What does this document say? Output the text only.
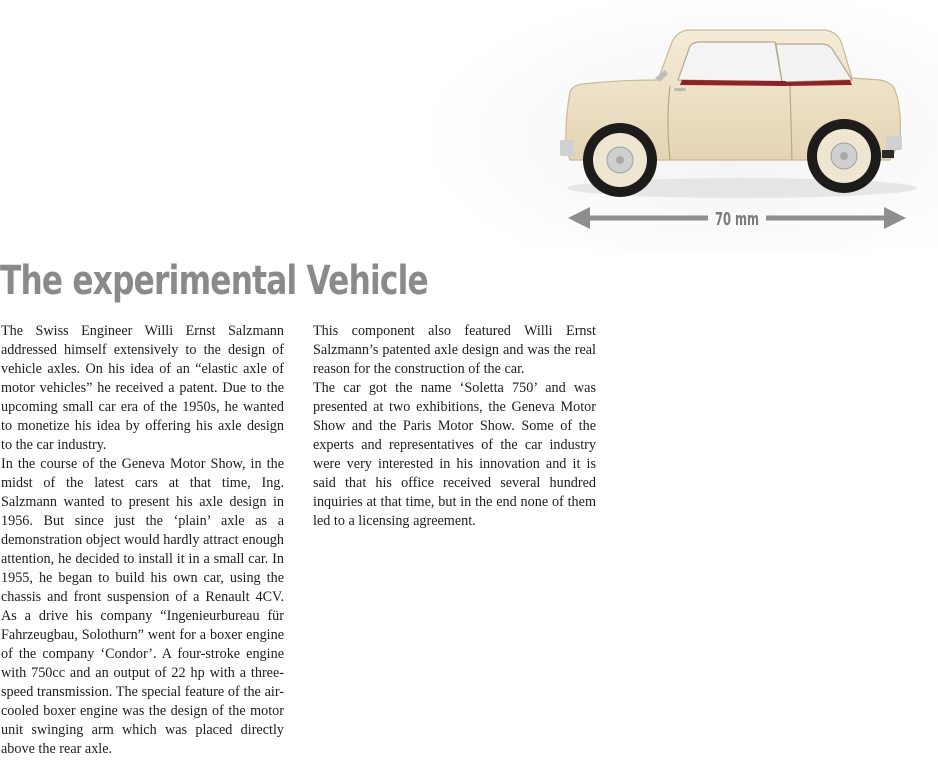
70 mm
The experimental Vehicle

The Swiss Engineer Willi Ernst Salzmann addressed himself extensively to the design of vehicle axles. On his idea of an “elastic axle of motor vehicles” he received a patent. Due to the upcoming small car era of the 1950s, he wanted to monetize his idea by offering his axle design to the car industry.

In the course of the Geneva Motor Show, in the midst of the latest cars at that time, Ing. Salzmann wanted to present his axle design in 1956. But since just the ‘plain’ axle as a demonstration object would hardly attract enough attention, he decided to install it in a small car. In 1955, he began to build his own car, using the chassis and front suspension of a Renault 4CV. As a drive his company “Ingenieurbureau für Fahrzeugbau, Solothurn” went for a boxer engine of the company ‘Condor’. A four-stroke engine with 750cc and an output of 22 hp with a three-speed transmission. The special feature of the air-cooled boxer engine was the design of the motor unit swinging arm which was placed directly above the rear axle.

This component also featured Willi Ernst Salzmann’s patented axle design and was the real reason for the construction of the car.

The car got the name ‘Soletta 750’ and was presented at two exhibitions, the Geneva Motor Show and the Paris Motor Show. Some of the experts and representatives of the car industry were very interested in his innovation and it is said that his office received several hundred inquiries at that time, but in the end none of them led to a licensing agreement.
